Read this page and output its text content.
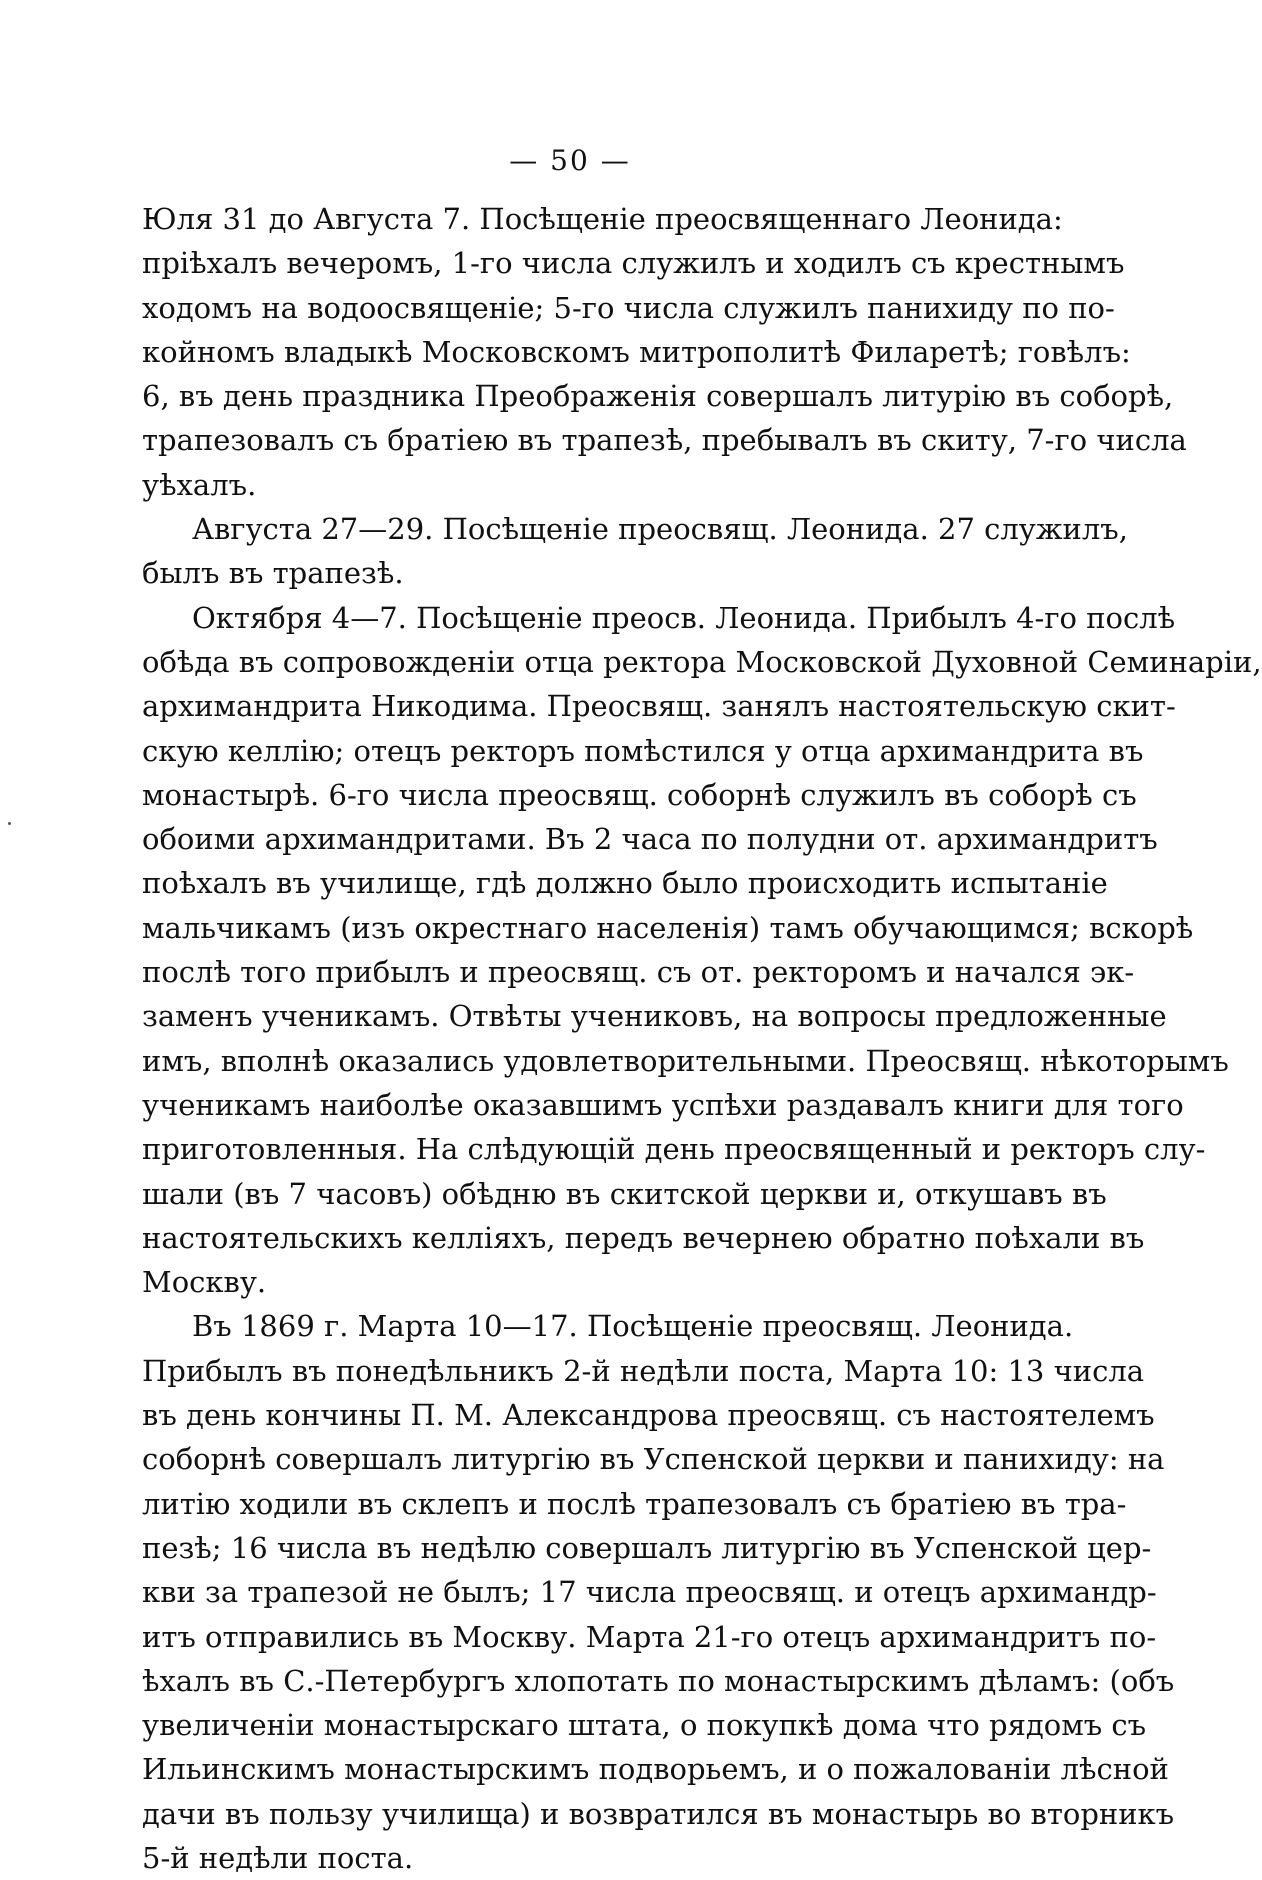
— 50 —
Юля 31 до Августа 7. Посѣщеніе преосвященнаго Леонида:
пріѣхалъ вечеромъ, 1-го числа служилъ и ходилъ съ крестнымъ
ходомъ на водоосвященіе; 5-го числа служилъ панихиду по по-
койномъ владыкѣ Московскомъ митрополитѣ Филаретѣ; говѣлъ:
6, въ день праздника Преображенія совершалъ литурію въ соборѣ,
трапезовалъ съ братіею въ трапезѣ, пребывалъ въ скиту, 7-го числа
уѣхалъ.
Августа 27—29. Посѣщеніе преосвящ. Леонида. 27 служилъ,
былъ въ трапезѣ.
Октября 4—7. Посѣщеніе преосв. Леонида. Прибылъ 4-го послѣ
обѣда въ сопровожденіи отца ректора Московской Духовной Семинаріи,
архимандрита Никодима. Преосвящ. занялъ настоятельскую скит-
скую келлію; отецъ ректоръ помѣстился у отца архимандрита въ
монастырѣ. 6-го числа преосвящ. соборнѣ служилъ въ соборѣ съ
обоими архимандритами. Въ 2 часа по полудни от. архимандритъ
поѣхалъ въ училище, гдѣ должно было происходить испытаніе
мальчикамъ (изъ окрестнаго населенія) тамъ обучающимся; вскорѣ
послѣ того прибылъ и преосвящ. съ от. ректоромъ и начался эк-
заменъ ученикамъ. Отвѣты учениковъ, на вопросы предложенные
имъ, вполнѣ оказались удовлетворительными. Преосвящ. нѣкоторымъ
ученикамъ наиболѣе оказавшимъ успѣхи раздавалъ книги для того
приготовленныя. На слѣдующій день преосвященный и ректоръ слу-
шали (въ 7 часовъ) обѣдню въ скитской церкви и, откушавъ въ
настоятельскихъ келліяхъ, передъ вечернею обратно поѣхали въ
Москву.
Въ 1869 г. Марта 10—17. Посѣщеніе преосвящ. Леонида.
Прибылъ въ понедѣльникъ 2-й недѣли поста, Марта 10: 13 числа
въ день кончины П. М. Александрова преосвящ. съ настоятелемъ
соборнѣ совершалъ литургію въ Успенской церкви и панихиду: на
литію ходили въ склепъ и послѣ трапезовалъ съ братіею въ тра-
пезѣ; 16 числа въ недѣлю совершалъ литургію въ Успенской цер-
кви за трапезой не былъ; 17 числа преосвящ. и отецъ архимандр-
итъ отправились въ Москву. Марта 21-го отецъ архимандритъ по-
ѣхалъ въ С.-Петербургъ хлопотать по монастырскимъ дѣламъ: (объ
увеличеніи монастырскаго штата, о покупкѣ дома что рядомъ съ
Ильинскимъ монастырскимъ подворьемъ, и о пожалованіи лѣсной
дачи въ пользу училища) и возвратился въ монастырь во вторникъ
5-й недѣли поста.
